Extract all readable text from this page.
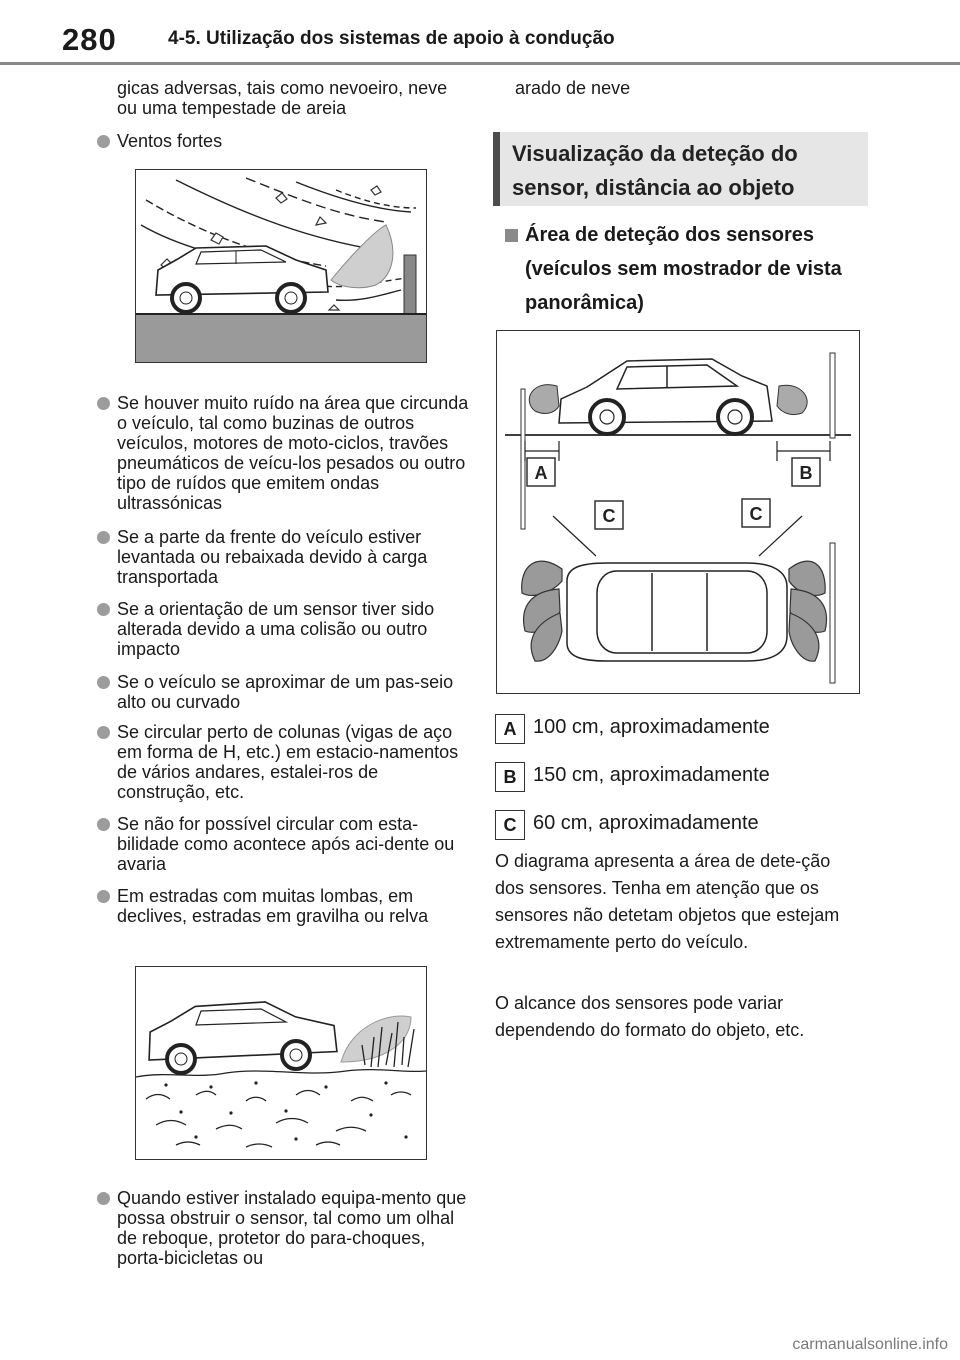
280	4-5. Utilização dos sistemas de apoio à condução
gicas adversas, tais como nevoeiro, neve ou uma tempestade de areia
Ventos fortes
Se houver muito ruído na área que circunda o veículo, tal como buzinas de outros veículos, motores de moto-ciclos, travões pneumáticos de veícu-los pesados ou outro tipo de ruídos que emitem ondas ultrassónicas
Se a parte da frente do veículo estiver levantada ou rebaixada devido à carga transportada
Se a orientação de um sensor tiver sido alterada devido a uma colisão ou outro impacto
Se o veículo se aproximar de um pas-seio alto ou curvado
Se circular perto de colunas (vigas de aço em forma de H, etc.) em estacio-namentos de vários andares, estalei-ros de construção, etc.
Se não for possível circular com esta-bilidade como acontece após aci-dente ou avaria
Em estradas com muitas lombas, em declives, estradas em gravilha ou relva
Quando estiver instalado equipa-mento que possa obstruir o sensor, tal como um olhal de reboque, protetor do para-choques, porta-bicicletas ou
arado de neve
Visualização da deteção do sensor, distância ao objeto
Área de deteção dos sensores (veículos sem mostrador de vista panorâmica)
A	B
C	C
A 100 cm, aproximadamente
B 150 cm, aproximadamente
C 60 cm, aproximadamente
O diagrama apresenta a área de dete-ção dos sensores. Tenha em atenção que os sensores não detetam objetos que estejam extremamente perto do veículo.
O alcance dos sensores pode variar dependendo do formato do objeto, etc.
carmanualsonline.info
